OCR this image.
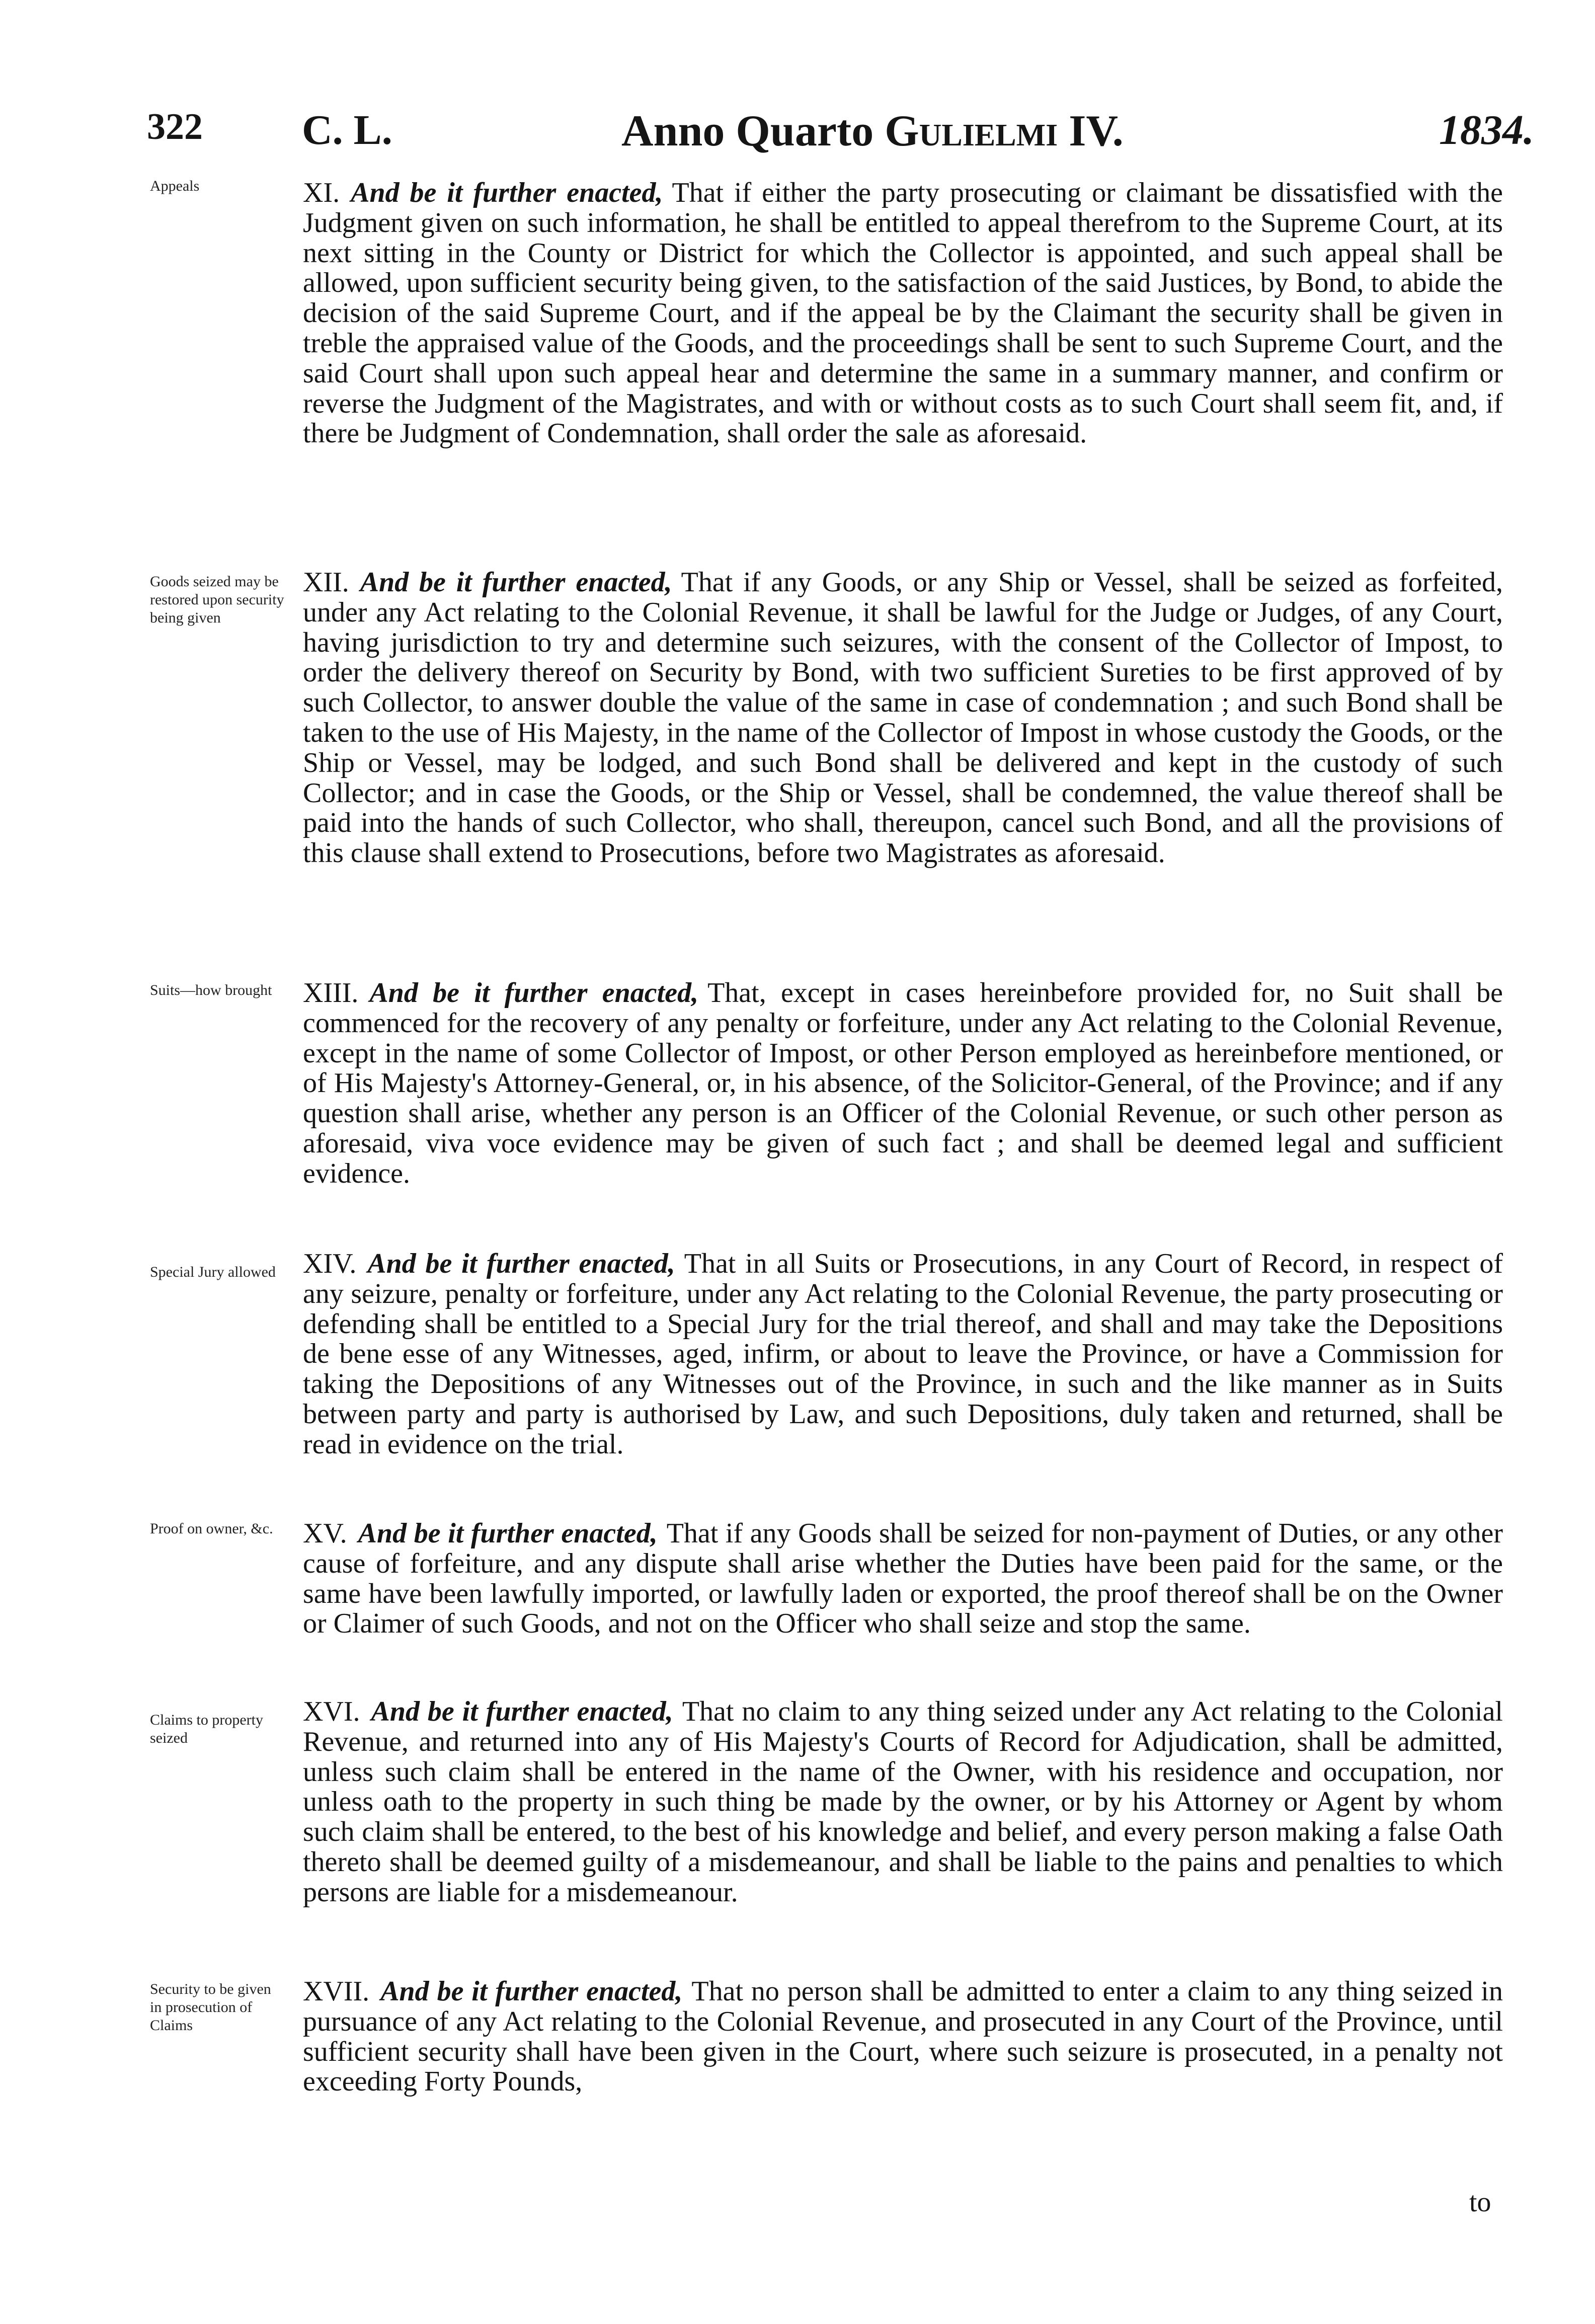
322 C. L.	Anno Quarto Gulielmi IV.	1834.
Appeals
Goods seized may be restored upon security being given
Suits—how brought
Special Jury allowed
Proof on owner, &c.
Claims to property seized
Security to be given in prosecution of Claims

XI. And be it further enacted, That if either the party prosecuting or claimant be dissatisfied with the Judgment given on such information, he shall be entitled to appeal therefrom to the Supreme Court, at its next sitting in the County or District for which the Collector is appointed, and such appeal shall be allowed, upon sufficient security being given, to the satisfaction of the said Justices, by Bond, to abide the decision of the said Supreme Court, and if the appeal be by the Claimant the security shall be given in treble the appraised value of the Goods, and the proceedings shall be sent to such Supreme Court, and the said Court shall upon such appeal hear and determine the same in a summary manner, and confirm or reverse the Judgment of the Magistrates, and with or without costs as to such Court shall seem fit, and, if there be Judgment of Condemnation, shall order the sale as aforesaid.

XII. And be it further enacted, That if any Goods, or any Ship or Vessel, shall be seized as forfeited, under any Act relating to the Colonial Revenue, it shall be lawful for the Judge or Judges, of any Court, having jurisdiction to try and determine such seizures, with the consent of the Collector of Impost, to order the delivery thereof on Security by Bond, with two sufficient Sureties to be first approved of by such Collector, to answer double the value of the same in case of condemnation ; and such Bond shall be taken to the use of His Majesty, in the name of the Collector of Impost in whose custody the Goods, or the Ship or Vessel, may be lodged, and such Bond shall be delivered and kept in the custody of such Collector; and in case the Goods, or the Ship or Vessel, shall be condemned, the value thereof shall be paid into the hands of such Collector, who shall, thereupon, cancel such Bond, and all the provisions of this clause shall extend to Prosecutions, before two Magistrates as aforesaid.

XIII. And be it further enacted, That, except in cases hereinbefore provided for, no Suit shall be commenced for the recovery of any penalty or forfeiture, under any Act relating to the Colonial Revenue, except in the name of some Collector of Impost, or other Person employed as hereinbefore mentioned, or of His Majesty's Attorney-General, or, in his absence, of the Solicitor-General, of the Province; and if any question shall arise, whether any person is an Officer of the Colonial Revenue, or such other person as aforesaid, viva voce evidence may be given of such fact ; and shall be deemed legal and sufficient evidence.

XIV. And be it further enacted, That in all Suits or Prosecutions, in any Court of Record, in respect of any seizure, penalty or forfeiture, under any Act relating to the Colonial Revenue, the party prosecuting or defending shall be entitled to a Special Jury for the trial thereof, and shall and may take the Depositions de bene esse of any Witnesses, aged, infirm, or about to leave the Province, or have a Commission for taking the Depositions of any Witnesses out of the Province, in such and the like manner as in Suits between party and party is authorised by Law, and such Depositions, duly taken and returned, shall be read in evidence on the trial.

XV. And be it further enacted, That if any Goods shall be seized for non-payment of Duties, or any other cause of forfeiture, and any dispute shall arise whether the Duties have been paid for the same, or the same have been lawfully imported, or lawfully laden or exported, the proof thereof shall be on the Owner or Claimer of such Goods, and not on the Officer who shall seize and stop the same.

XVI. And be it further enacted, That no claim to any thing seized under any Act relating to the Colonial Revenue, and returned into any of His Majesty's Courts of Record for Adjudication, shall be admitted, unless such claim shall be entered in the name of the Owner, with his residence and occupation, nor unless oath to the property in such thing be made by the owner, or by his Attorney or Agent by whom such claim shall be entered, to the best of his knowledge and belief, and every person making a false Oath thereto shall be deemed guilty of a misdemeanour, and shall be liable to the pains and penalties to which persons are liable for a misdemeanour.

XVII. And be it further enacted, That no person shall be admitted to enter a claim to any thing seized in pursuance of any Act relating to the Colonial Revenue, and prosecuted in any Court of the Province, until sufficient security shall have been given in the Court, where such seizure is prosecuted, in a penalty not exceeding Forty Pounds,

to
